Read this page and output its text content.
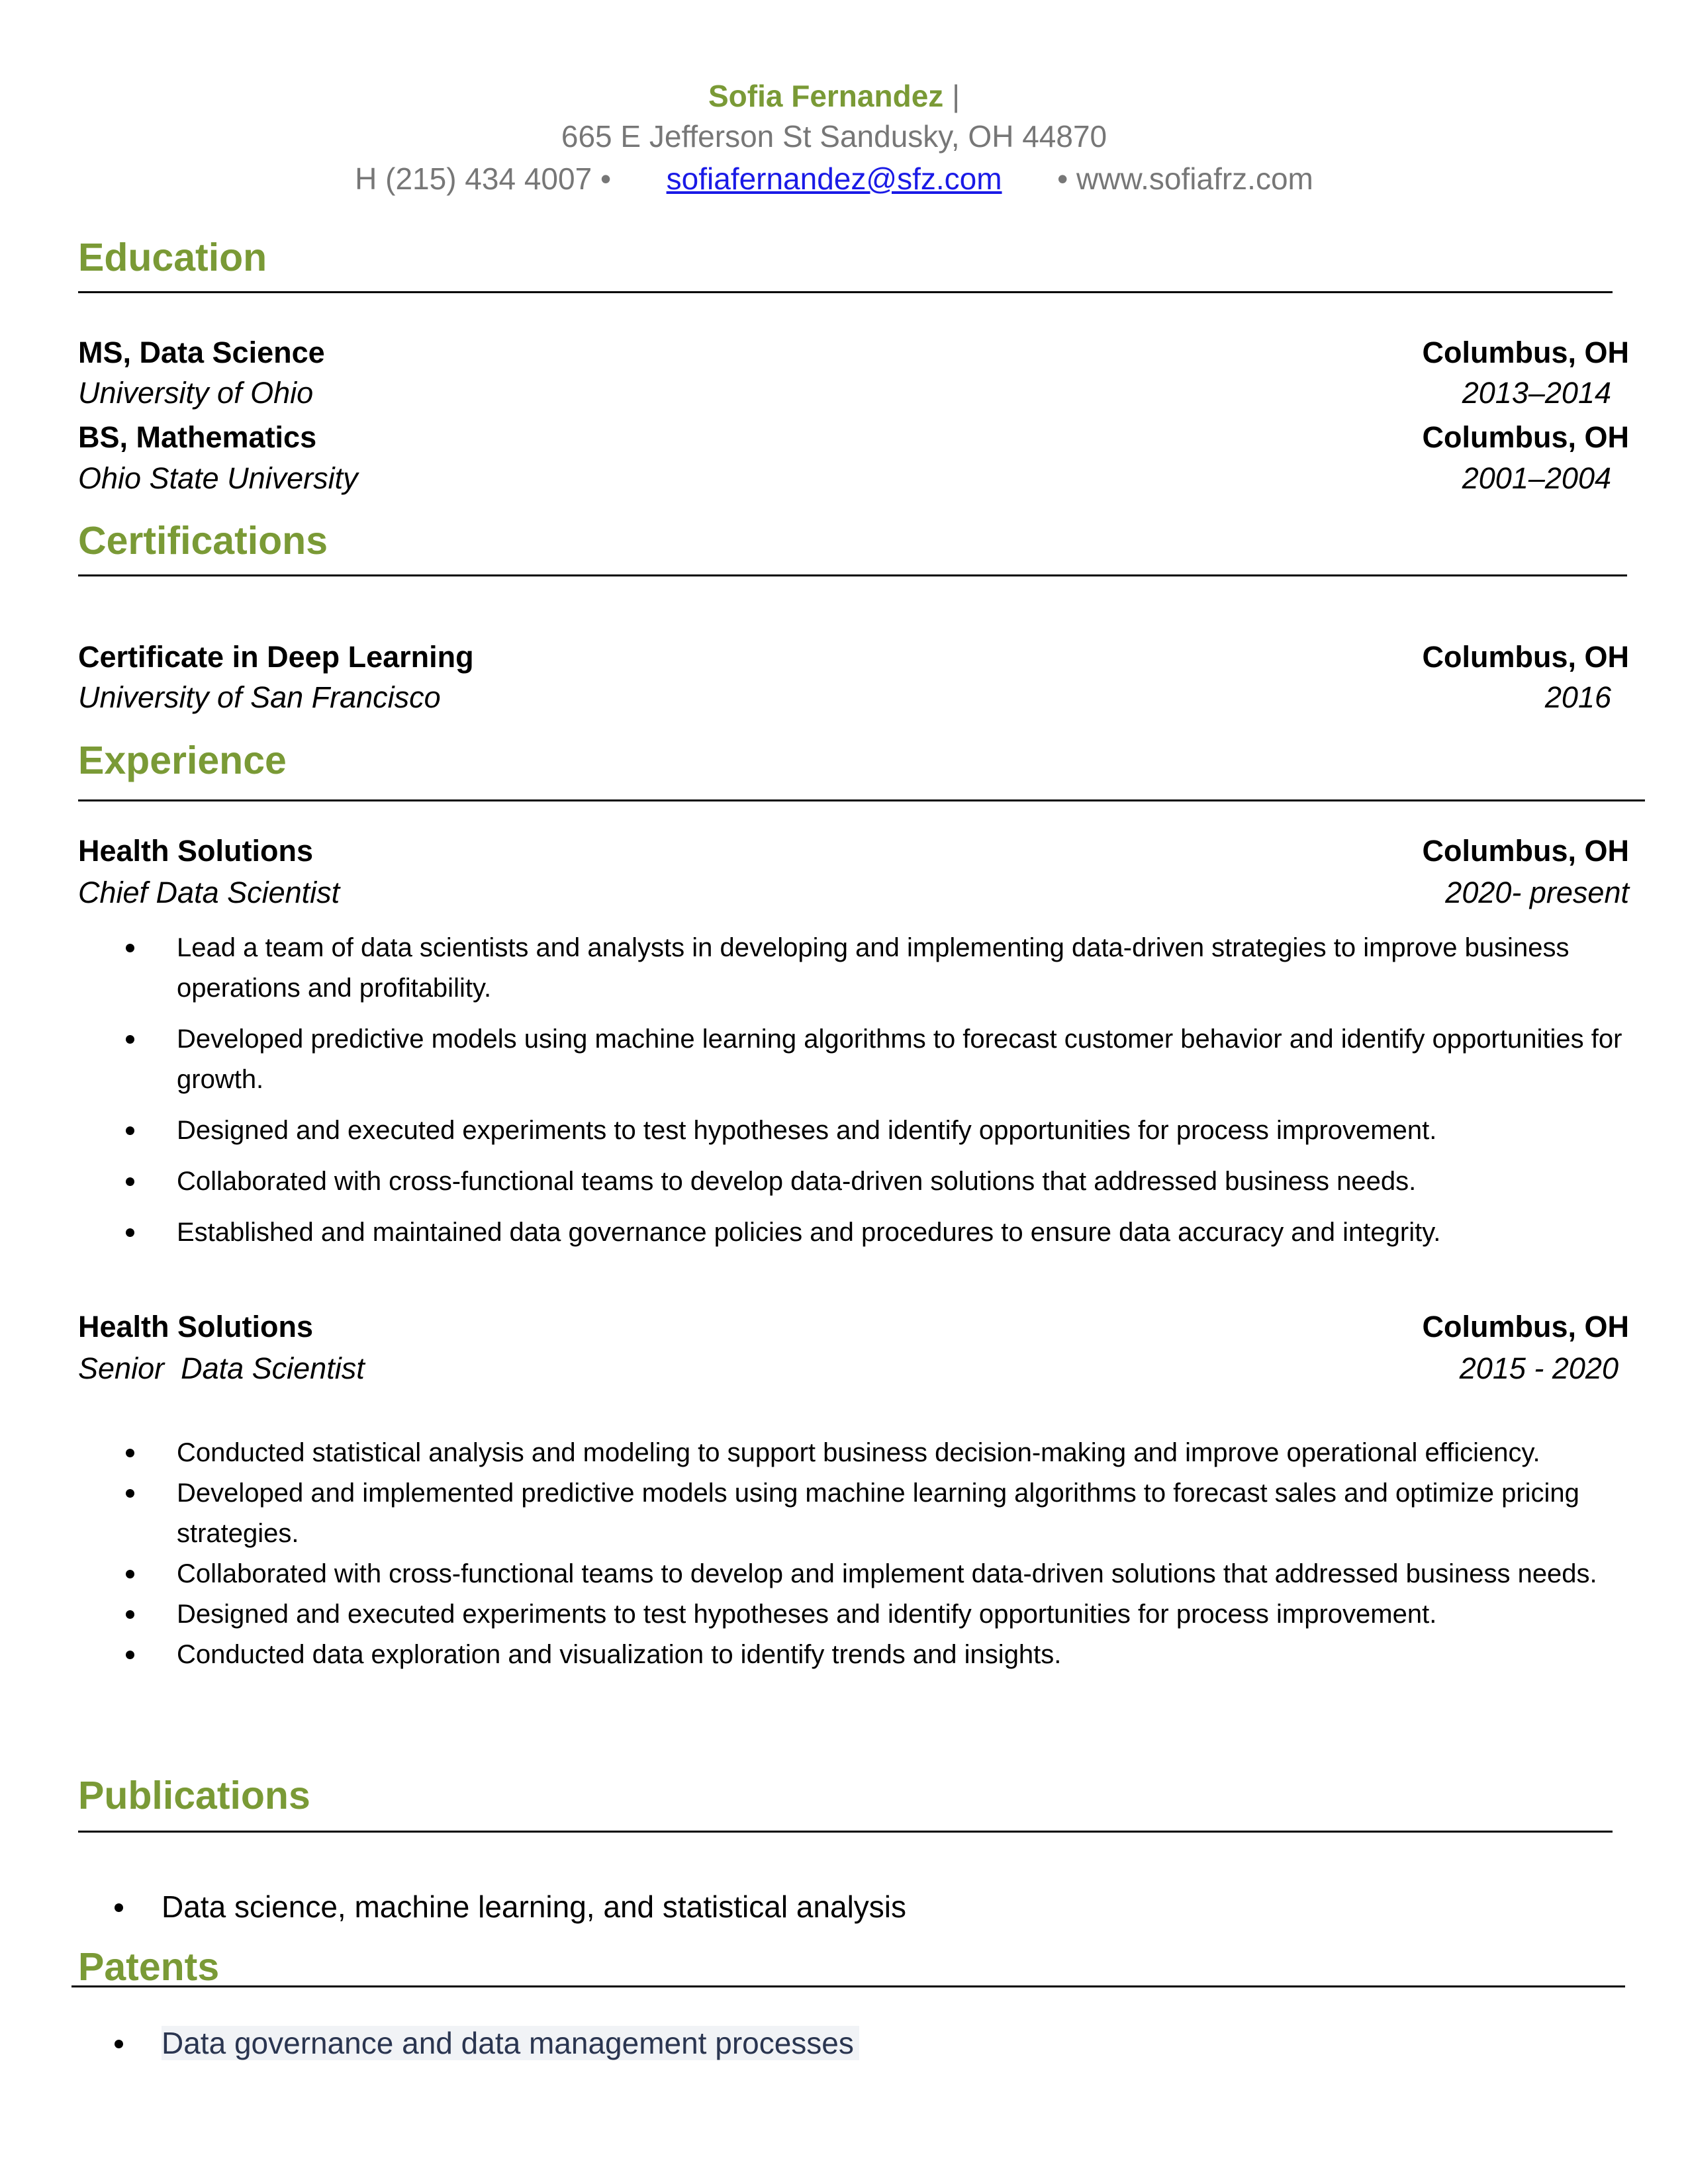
Sofia Fernandez |
665 E Jefferson St Sandusky, OH 44870
H (215) 434 4007 • sofiafernandez@sfz.com • www.sofiafrz.com
Education
MS, Data Science	Columbus, OH
University of Ohio	2013–2014
BS, Mathematics	Columbus, OH
Ohio State University	2001–2004
Certifications
Certificate in Deep Learning	Columbus, OH
University of San Francisco	2016
Experience
Health Solutions	Columbus, OH
Chief Data Scientist	2020- present
Lead a team of data scientists and analysts in developing and implementing data-driven strategies to improve business operations and profitability.
Developed predictive models using machine learning algorithms to forecast customer behavior and identify opportunities for growth.
Designed and executed experiments to test hypotheses and identify opportunities for process improvement.
Collaborated with cross-functional teams to develop data-driven solutions that addressed business needs.
Established and maintained data governance policies and procedures to ensure data accuracy and integrity.
Health Solutions	Columbus, OH
Senior  Data Scientist	2015 - 2020
Conducted statistical analysis and modeling to support business decision-making and improve operational efficiency.
Developed and implemented predictive models using machine learning algorithms to forecast sales and optimize pricing strategies.
Collaborated with cross-functional teams to develop and implement data-driven solutions that addressed business needs.
Designed and executed experiments to test hypotheses and identify opportunities for process improvement.
Conducted data exploration and visualization to identify trends and insights.
Publications
Data science, machine learning, and statistical analysis
Patents
Data governance and data management processes
